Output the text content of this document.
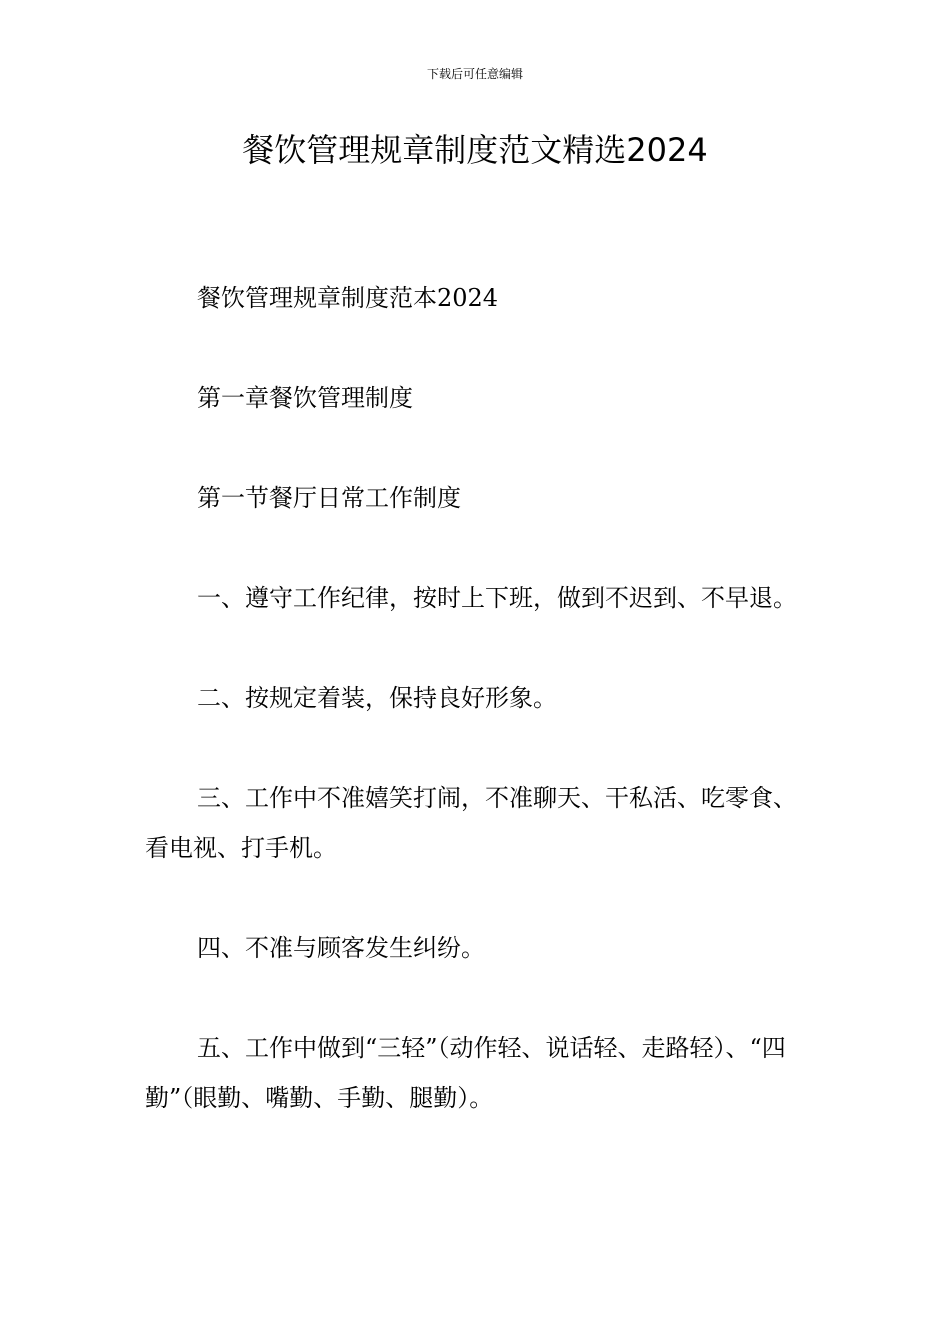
下载后可任意编辑
餐饮管理规章制度范文精选2024

餐饮管理规章制度范本2024

第一章餐饮管理制度

第一节餐厅日常工作制度

一、遵守工作纪律，按时上下班，做到不迟到、不早退。

二、按规定着装，保持良好形象。

三、工作中不准嬉笑打闹，不准聊天、干私活、吃零食、看电视、打手机。

四、不准与顾客发生纠纷。

五、工作中做到“三轻”（动作轻、说话轻、走路轻）、“四勤”（眼勤、嘴勤、手勤、腿勤）。
